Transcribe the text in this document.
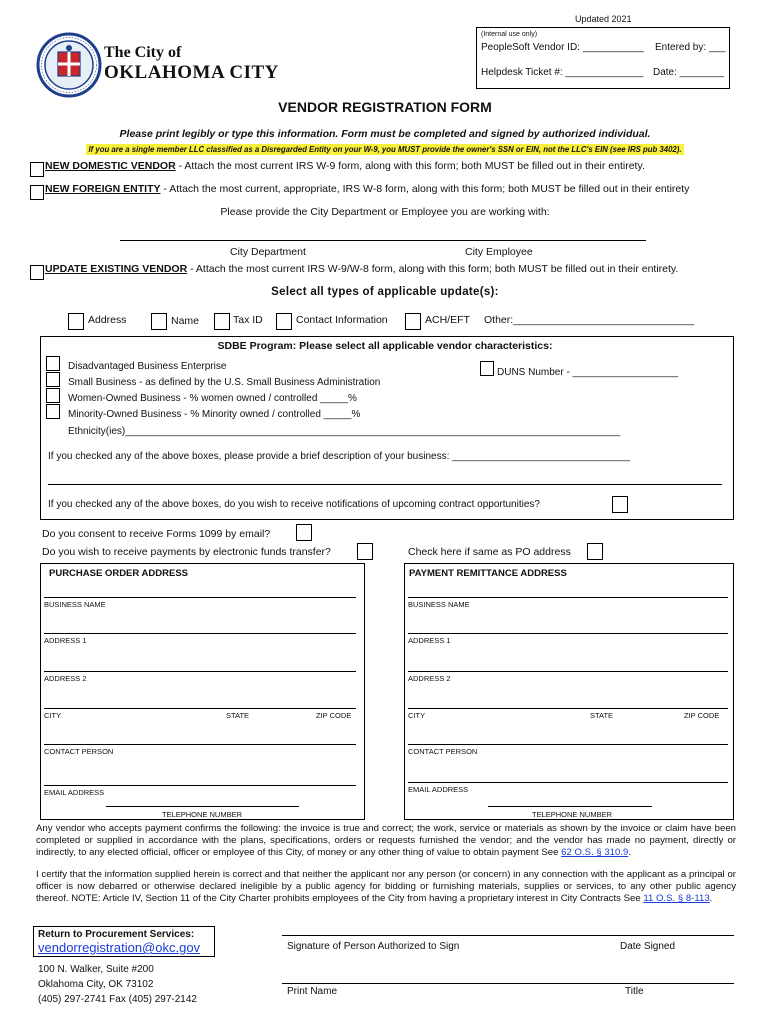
The City of
OKLAHOMA CITY
Updated 2021
(Internal use only)
PeopleSoft Vendor ID: ___________ Entered by: ___
Helpdesk Ticket #: ______________ Date: ________
VENDOR REGISTRATION FORM
Please print legibly or type this information. Form must be completed and signed by authorized individual.
If you are a single member LLC classified as a Disregarded Entity on your W-9, you MUST provide the owner's SSN or EIN, not the LLC's EIN (see IRS pub 3402).
NEW DOMESTIC VENDOR - Attach the most current IRS W-9 form, along with this form; both MUST be filled out in their entirety.
NEW FOREIGN ENTITY - Attach the most current, appropriate, IRS W-8 form, along with this form; both MUST be filled out in their entirety
Please provide the City Department or Employee you are working with:
City Department	City Employee
UPDATE EXISTING VENDOR - Attach the most current IRS W-9/W-8 form, along with this form; both MUST be filled out in their entirety.
Select all types of applicable update(s):
Address	Name	Tax ID	Contact Information	ACH/EFT Other:_______________________________
SDBE Program: Please select all applicable vendor characteristics:
Disadvantaged Business Enterprise
Small Business - as defined by the U.S. Small Business Administration
Women-Owned Business - % women owned / controlled _____%
Minority-Owned Business - % Minority owned / controlled _____%
Ethnicity(ies)_________________________________________________________________________________________
DUNS Number - ___________________
If you checked any of the above boxes, please provide a brief description of your business: ________________________________
If you checked any of the above boxes, do you wish to receive notifications of upcoming contract opportunities?
Do you consent to receive Forms 1099 by email?
Do you wish to receive payments by electronic funds transfer?	Check here if same as PO address
PURCHASE ORDER ADDRESS
BUSINESS NAME
ADDRESS 1
ADDRESS 2
CITY	STATE	ZIP CODE
CONTACT PERSON
EMAIL ADDRESS
TELEPHONE NUMBER
PAYMENT REMITTANCE ADDRESS
BUSINESS NAME
ADDRESS 1
ADDRESS 2
CITY	STATE	ZIP CODE
CONTACT PERSON
EMAIL ADDRESS
TELEPHONE NUMBER
Any vendor who accepts payment confirms the following: the invoice is true and correct; the work, service or materials as shown by the invoice or claim have been completed or supplied in accordance with the plans, specifications, orders or requests furnished the vendor; and the vendor has made no payment, directly or indirectly, to any elected official, officer or employee of this City, of money or any other thing of value to obtain payment See 62 O.S. § 310.9.
I certify that the information supplied herein is correct and that neither the applicant nor any person (or concern) in any connection with the applicant as a principal or officer is now debarred or otherwise declared ineligible by a public agency for bidding or furnishing materials, supplies or services, to any other public agency thereof. NOTE: Article IV, Section 11 of the City Charter prohibits employees of the City from having a proprietary interest in City Contracts See 11 O.S. § 8-113.
Return to Procurement Services:
vendorregistration@okc.gov
100 N. Walker, Suite #200
Oklahoma City, OK 73102
(405) 297-2741 Fax (405) 297-2142
Signature of Person Authorized to Sign	Date Signed
Print Name	Title
